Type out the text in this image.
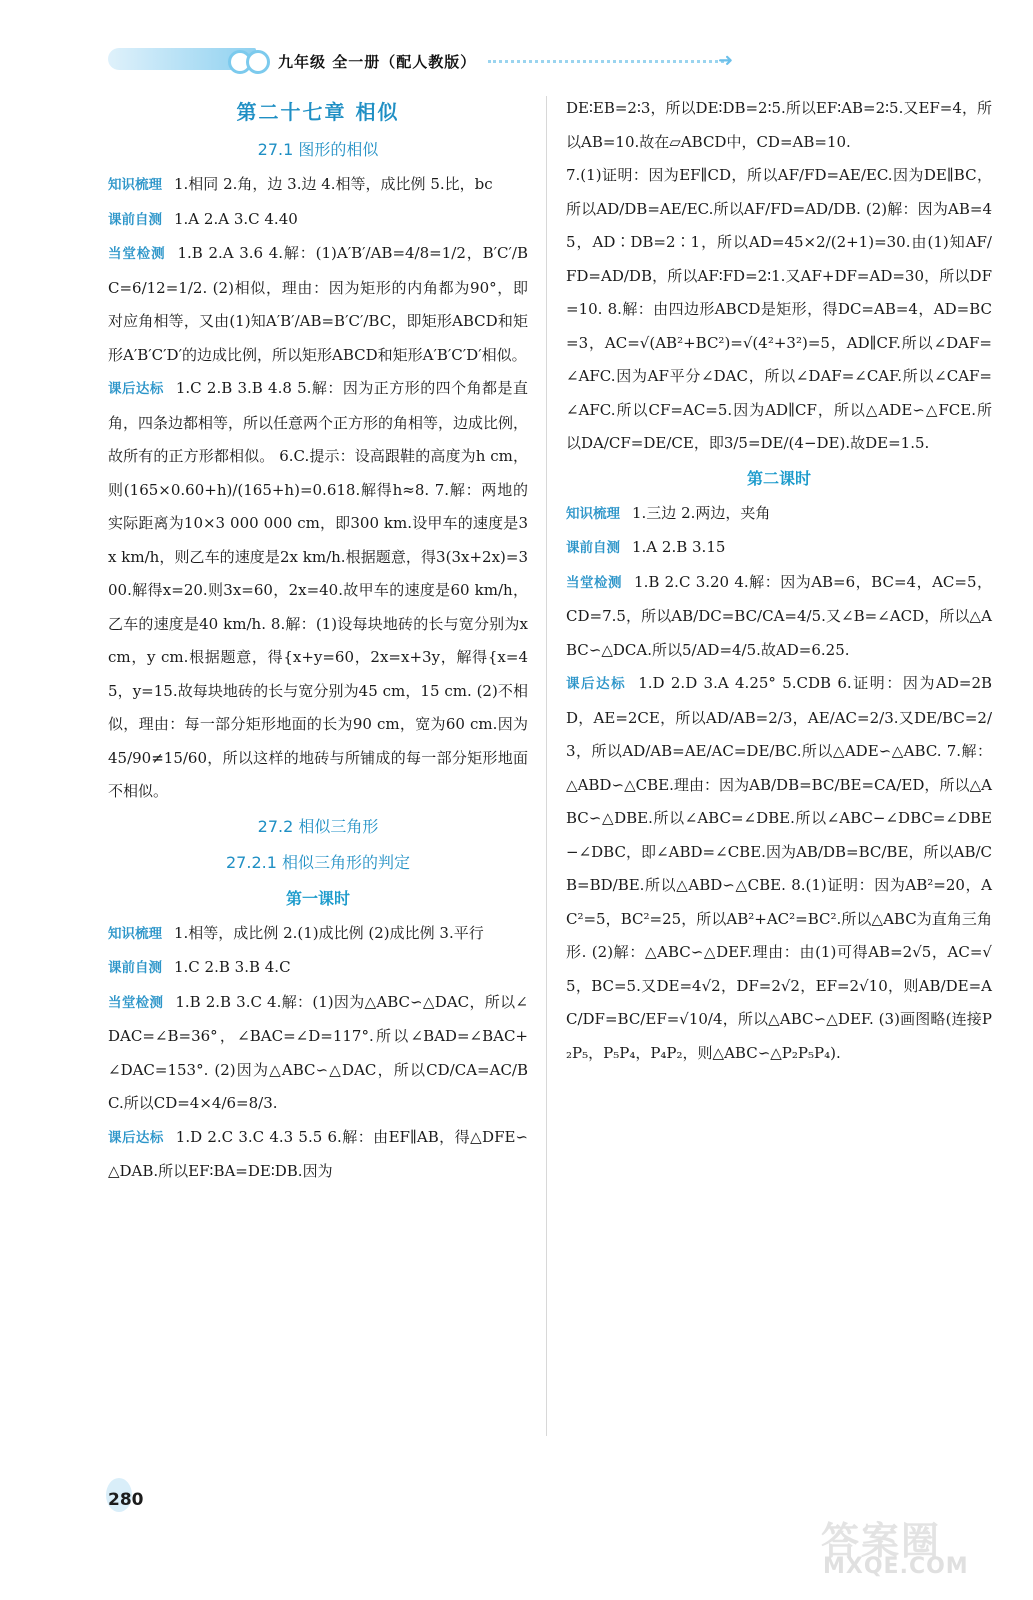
九年级 全一册（配人教版）	➜
第二十七章 相似
27.1 图形的相似

知识梳理 1.相同 2.角，边 3.边 4.相等，成比例 5.比，bc

课前自测 1.A 2.A 3.C 4.40

当堂检测 1.B 2.A 3.6 4.解：(1)A′B′/AB=4/8=1/2，B′C′/BC=6/12=1/2. (2)相似，理由：因为矩形的内角都为90°，即对应角相等，又由(1)知A′B′/AB=B′C′/BC，即矩形ABCD和矩形A′B′C′D′的边成比例，所以矩形ABCD和矩形A′B′C′D′相似。

课后达标 1.C 2.B 3.B 4.8 5.解：因为正方形的四个角都是直角，四条边都相等，所以任意两个正方形的角相等，边成比例，故所有的正方形都相似。 6.C.提示：设高跟鞋的高度为h cm，则(165×0.60+h)/(165+h)=0.618.解得h≈8. 7.解：两地的实际距离为10×3 000 000 cm，即300 km.设甲车的速度是3x km/h，则乙车的速度是2x km/h.根据题意，得3(3x+2x)=300.解得x=20.则3x=60，2x=40.故甲车的速度是60 km/h，乙车的速度是40 km/h. 8.解：(1)设每块地砖的长与宽分别为x cm，y cm.根据题意，得{x+y=60，2x=x+3y，解得{x=45，y=15.故每块地砖的长与宽分别为45 cm，15 cm. (2)不相似，理由：每一部分矩形地面的长为90 cm，宽为60 cm.因为45/90≠15/60，所以这样的地砖与所铺成的每一部分矩形地面不相似。

27.2 相似三角形
27.2.1 相似三角形的判定
第一课时

知识梳理 1.相等，成比例 2.(1)成比例 (2)成比例 3.平行

课前自测 1.C 2.B 3.B 4.C

当堂检测 1.B 2.B 3.C 4.解：(1)因为△ABC∽△DAC，所以∠DAC=∠B=36°，∠BAC=∠D=117°.所以∠BAD=∠BAC+∠DAC=153°. (2)因为△ABC∽△DAC，所以CD/CA=AC/BC.所以CD=4×4/6=8/3.

课后达标 1.D 2.C 3.C 4.3 5.5 6.解：由EF∥AB，得△DFE∽△DAB.所以EF∶BA=DE∶DB.因为

DE∶EB=2∶3，所以DE∶DB=2∶5.所以EF∶AB=2∶5.又EF=4，所以AB=10.故在▱ABCD中，CD=AB=10.

7.(1)证明：因为EF∥CD，所以AF/FD=AE/EC.因为DE∥BC，所以AD/DB=AE/EC.所以AF/FD=AD/DB. (2)解：因为AB=45，AD∶DB=2∶1，所以AD=45×2/(2+1)=30.由(1)知AF/FD=AD/DB，所以AF∶FD=2∶1.又AF+DF=AD=30，所以DF=10. 8.解：由四边形ABCD是矩形，得DC=AB=4，AD=BC=3，AC=√(AB²+BC²)=√(4²+3²)=5，AD∥CF.所以∠DAF=∠AFC.因为AF平分∠DAC，所以∠DAF=∠CAF.所以∠CAF=∠AFC.所以CF=AC=5.因为AD∥CF，所以△ADE∽△FCE.所以DA/CF=DE/CE，即3/5=DE/(4−DE).故DE=1.5.

第二课时

知识梳理 1.三边 2.两边，夹角

课前自测 1.A 2.B 3.15

当堂检测 1.B 2.C 3.20 4.解：因为AB=6，BC=4，AC=5，CD=7.5，所以AB/DC=BC/CA=4/5.又∠B=∠ACD，所以△ABC∽△DCA.所以5/AD=4/5.故AD=6.25.

课后达标 1.D 2.D 3.A 4.25° 5.CDB 6.证明：因为AD=2BD，AE=2CE，所以AD/AB=2/3，AE/AC=2/3.又DE/BC=2/3，所以AD/AB=AE/AC=DE/BC.所以△ADE∽△ABC. 7.解：△ABD∽△CBE.理由：因为AB/DB=BC/BE=CA/ED，所以△ABC∽△DBE.所以∠ABC=∠DBE.所以∠ABC−∠DBC=∠DBE−∠DBC，即∠ABD=∠CBE.因为AB/DB=BC/BE，所以AB/CB=BD/BE.所以△ABD∽△CBE. 8.(1)证明：因为AB²=20，AC²=5，BC²=25，所以AB²+AC²=BC².所以△ABC为直角三角形. (2)解：△ABC∽△DEF.理由：由(1)可得AB=2√5，AC=√5，BC=5.又DE=4√2，DF=2√2，EF=2√10，则AB/DE=AC/DF=BC/EF=√10/4，所以△ABC∽△DEF. (3)画图略(连接P₂P₅，P₅P₄，P₄P₂，则△ABC∽△P₂P₅P₄).

280
答案圈
MXQE.COM
